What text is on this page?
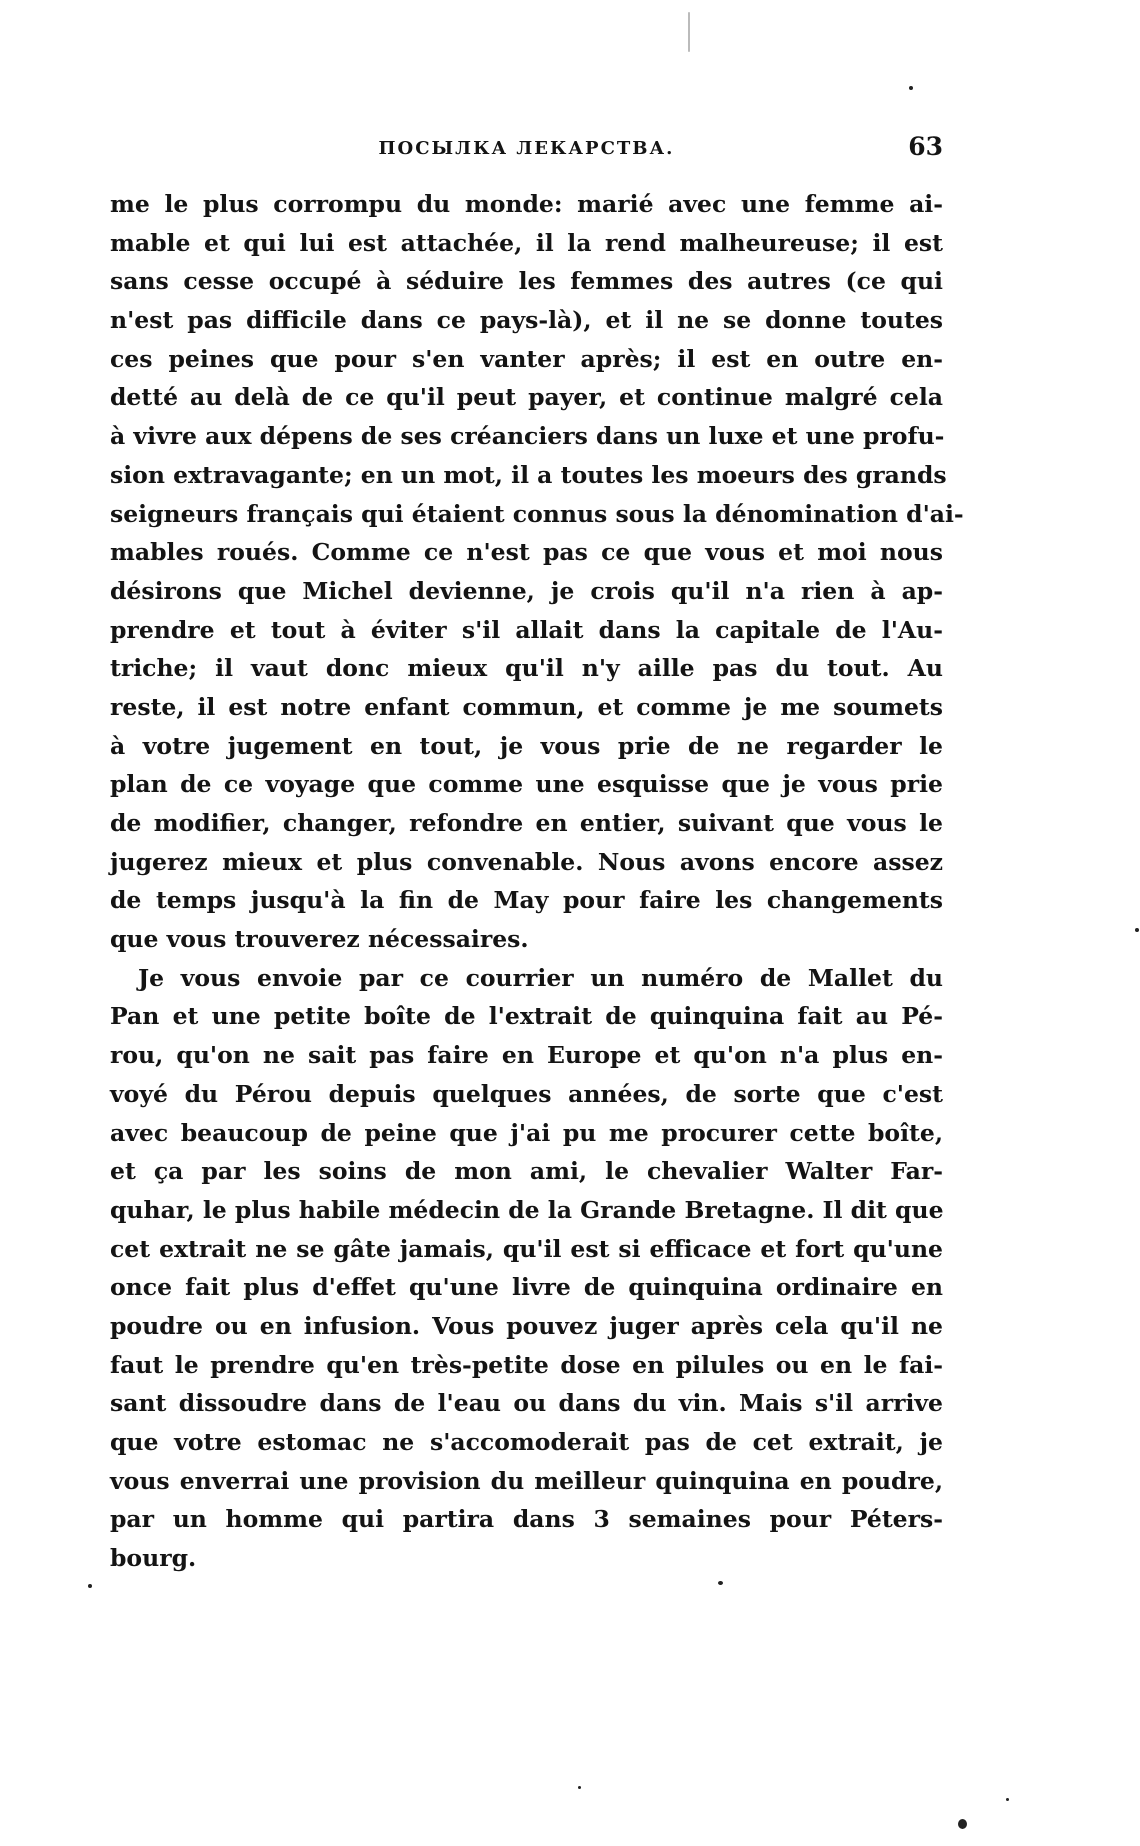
ПОСЫЛКА ЛЕКАРСТВА.	63
me le plus corrompu du monde: marié avec une femme ai-
mable et qui lui est attachée, il la rend malheureuse; il est
sans cesse occupé à séduire les femmes des autres (ce qui
n'est pas difficile dans ce pays-là), et il ne se donne toutes
ces peines que pour s'en vanter après; il est en outre en-
detté au delà de ce qu'il peut payer, et continue malgré cela
à vivre aux dépens de ses créanciers dans un luxe et une profu-
sion extravagante; en un mot, il a toutes les moeurs des grands
seigneurs français qui étaient connus sous la dénomination d'ai-
mables roués. Comme ce n'est pas ce que vous et moi nous
désirons que Michel devienne, je crois qu'il n'a rien à ap-
prendre et tout à éviter s'il allait dans la capitale de l'Au-
triche; il vaut donc mieux qu'il n'y aille pas du tout. Au
reste, il est notre enfant commun, et comme je me soumets
à votre jugement en tout, je vous prie de ne regarder le
plan de ce voyage que comme une esquisse que je vous prie
de modifier, changer, refondre en entier, suivant que vous le
jugerez mieux et plus convenable. Nous avons encore assez
de temps jusqu'à la fin de May pour faire les changements
que vous trouverez nécessaires.
Je vous envoie par ce courrier un numéro de Mallet du
Pan et une petite boîte de l'extrait de quinquina fait au Pé-
rou, qu'on ne sait pas faire en Europe et qu'on n'a plus en-
voyé du Pérou depuis quelques années, de sorte que c'est
avec beaucoup de peine que j'ai pu me procurer cette boîte,
et ça par les soins de mon ami, le chevalier Walter Far-
quhar, le plus habile médecin de la Grande Bretagne. Il dit que
cet extrait ne se gâte jamais, qu'il est si efficace et fort qu'une
once fait plus d'effet qu'une livre de quinquina ordinaire en
poudre ou en infusion. Vous pouvez juger après cela qu'il ne
faut le prendre qu'en très-petite dose en pilules ou en le fai-
sant dissoudre dans de l'eau ou dans du vin. Mais s'il arrive
que votre estomac ne s'accomoderait pas de cet extrait, je
vous enverrai une provision du meilleur quinquina en poudre,
par un homme qui partira dans 3 semaines pour Péters-
bourg.
